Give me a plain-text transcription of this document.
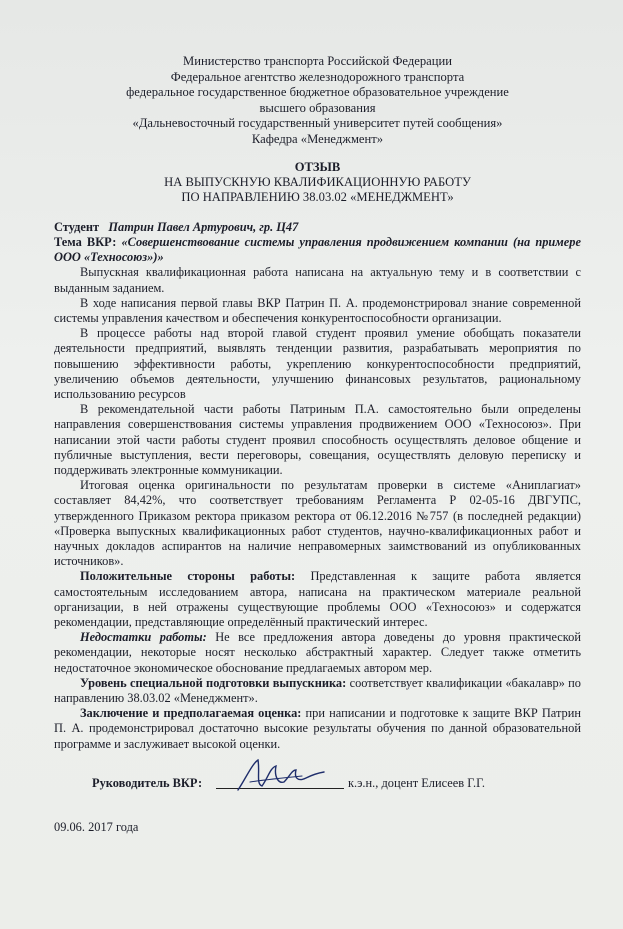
Министерство транспорта Российской Федерации
Федеральное агентство железнодорожного транспорта
федеральное государственное бюджетное образовательное учреждение
высшего образования
«Дальневосточный государственный университет путей сообщения»
Кафедра «Менеджмент»
ОТЗЫВ
НА ВЫПУСКНУЮ КВАЛИФИКАЦИОННУЮ РАБОТУ
ПО НАПРАВЛЕНИЮ 38.03.02 «МЕНЕДЖМЕНТ»

Студент Патрин Павел Артурович, гр. Ц47

Тема ВКР: «Совершенствование системы управления продвижением компании (на примере ООО «Техносоюз»)»

Выпускная квалификационная работа написана на актуальную тему и в соответствии с выданным заданием.

В ходе написания первой главы ВКР Патрин П. А. продемонстрировал знание современной системы управления качеством и обеспечения конкурентоспособности организации.

В процессе работы над второй главой студент проявил умение обобщать показатели деятельности предприятий, выявлять тенденции развития, разрабатывать мероприятия по повышению эффективности работы, укреплению конкурентоспособности предприятий, увеличению объемов деятельности, улучшению финансовых результатов, рациональному использованию ресурсов

В рекомендательной части работы Патриным П.А. самостоятельно были определены направления совершенствования системы управления продвижением ООО «Техносоюз». При написании этой части работы студент проявил способность осуществлять деловое общение и публичные выступления, вести переговоры, совещания, осуществлять деловую переписку и поддерживать электронные коммуникации.

Итоговая оценка оригинальности по результатам проверки в системе «Аниплагиат» составляет 84,42%, что соответствует требованиям Регламента Р 02-05-16 ДВГУПС, утвержденного Приказом ректора приказом ректора от 06.12.2016 №757 (в последней редакции) «Проверка выпускных квалификационных работ студентов, научно-квалификационных работ и научных докладов аспирантов на наличие неправомерных заимствований из опубликованных источников».

Положительные стороны работы: Представленная к защите работа является самостоятельным исследованием автора, написана на практическом материале реальной организации, в ней отражены существующие проблемы ООО «Техносоюз» и содержатся рекомендации, представляющие определённый практический интерес.

Недостатки работы: Не все предложения автора доведены до уровня практической рекомендации, некоторые носят несколько абстрактный характер. Следует также отметить недостаточное экономическое обоснование предлагаемых автором мер.

Уровень специальной подготовки выпускника: соответствует квалификации «бакалавр» по направлению 38.03.02 «Менеджмент».

Заключение и предполагаемая оценка: при написании и подготовке к защите ВКР Патрин П. А. продемонстрировал достаточно высокие результаты обучения по данной образовательной программе и заслуживает высокой оценки.

Руководитель ВКР:	к.э.н., доцент Елисеев Г.Г.
09.06. 2017 года
